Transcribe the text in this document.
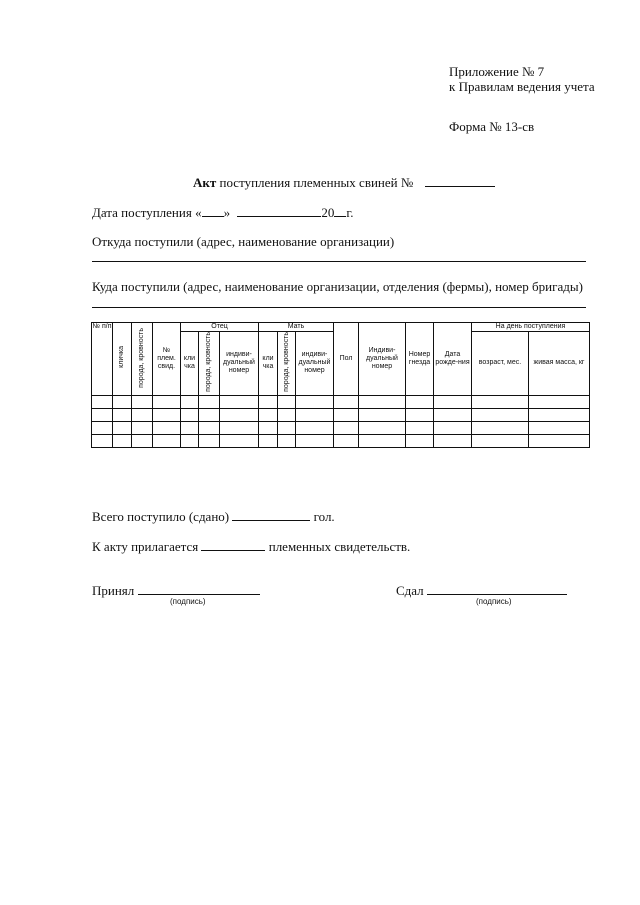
Приложение № 7
к Правилам ведения учета
Форма № 13-св
Акт поступления племенных свиней №
Дата поступления « »	20 г.
Откуда поступили (адрес, наименование организации)
Куда поступили (адрес, наименование организации, отделения (фермы), номер бригады)
№ п/п	кличка	порода, кровность	№ плем. свид.	Отец			Мать			Пол	Индиви-дуальный номер	Номер гнезда	Дата рожде-ния	На день поступления	
				кли чка	порода, кровность	индиви-дуальный номер	кли чка	порода, кровность	индиви-дуальный номер					возраст, мес.	живая масса, кг

Всего поступило (сдано)	гол.
К акту прилагается	племенных свидетельств.
Принял
(подпись)
Сдал
(подпись)
